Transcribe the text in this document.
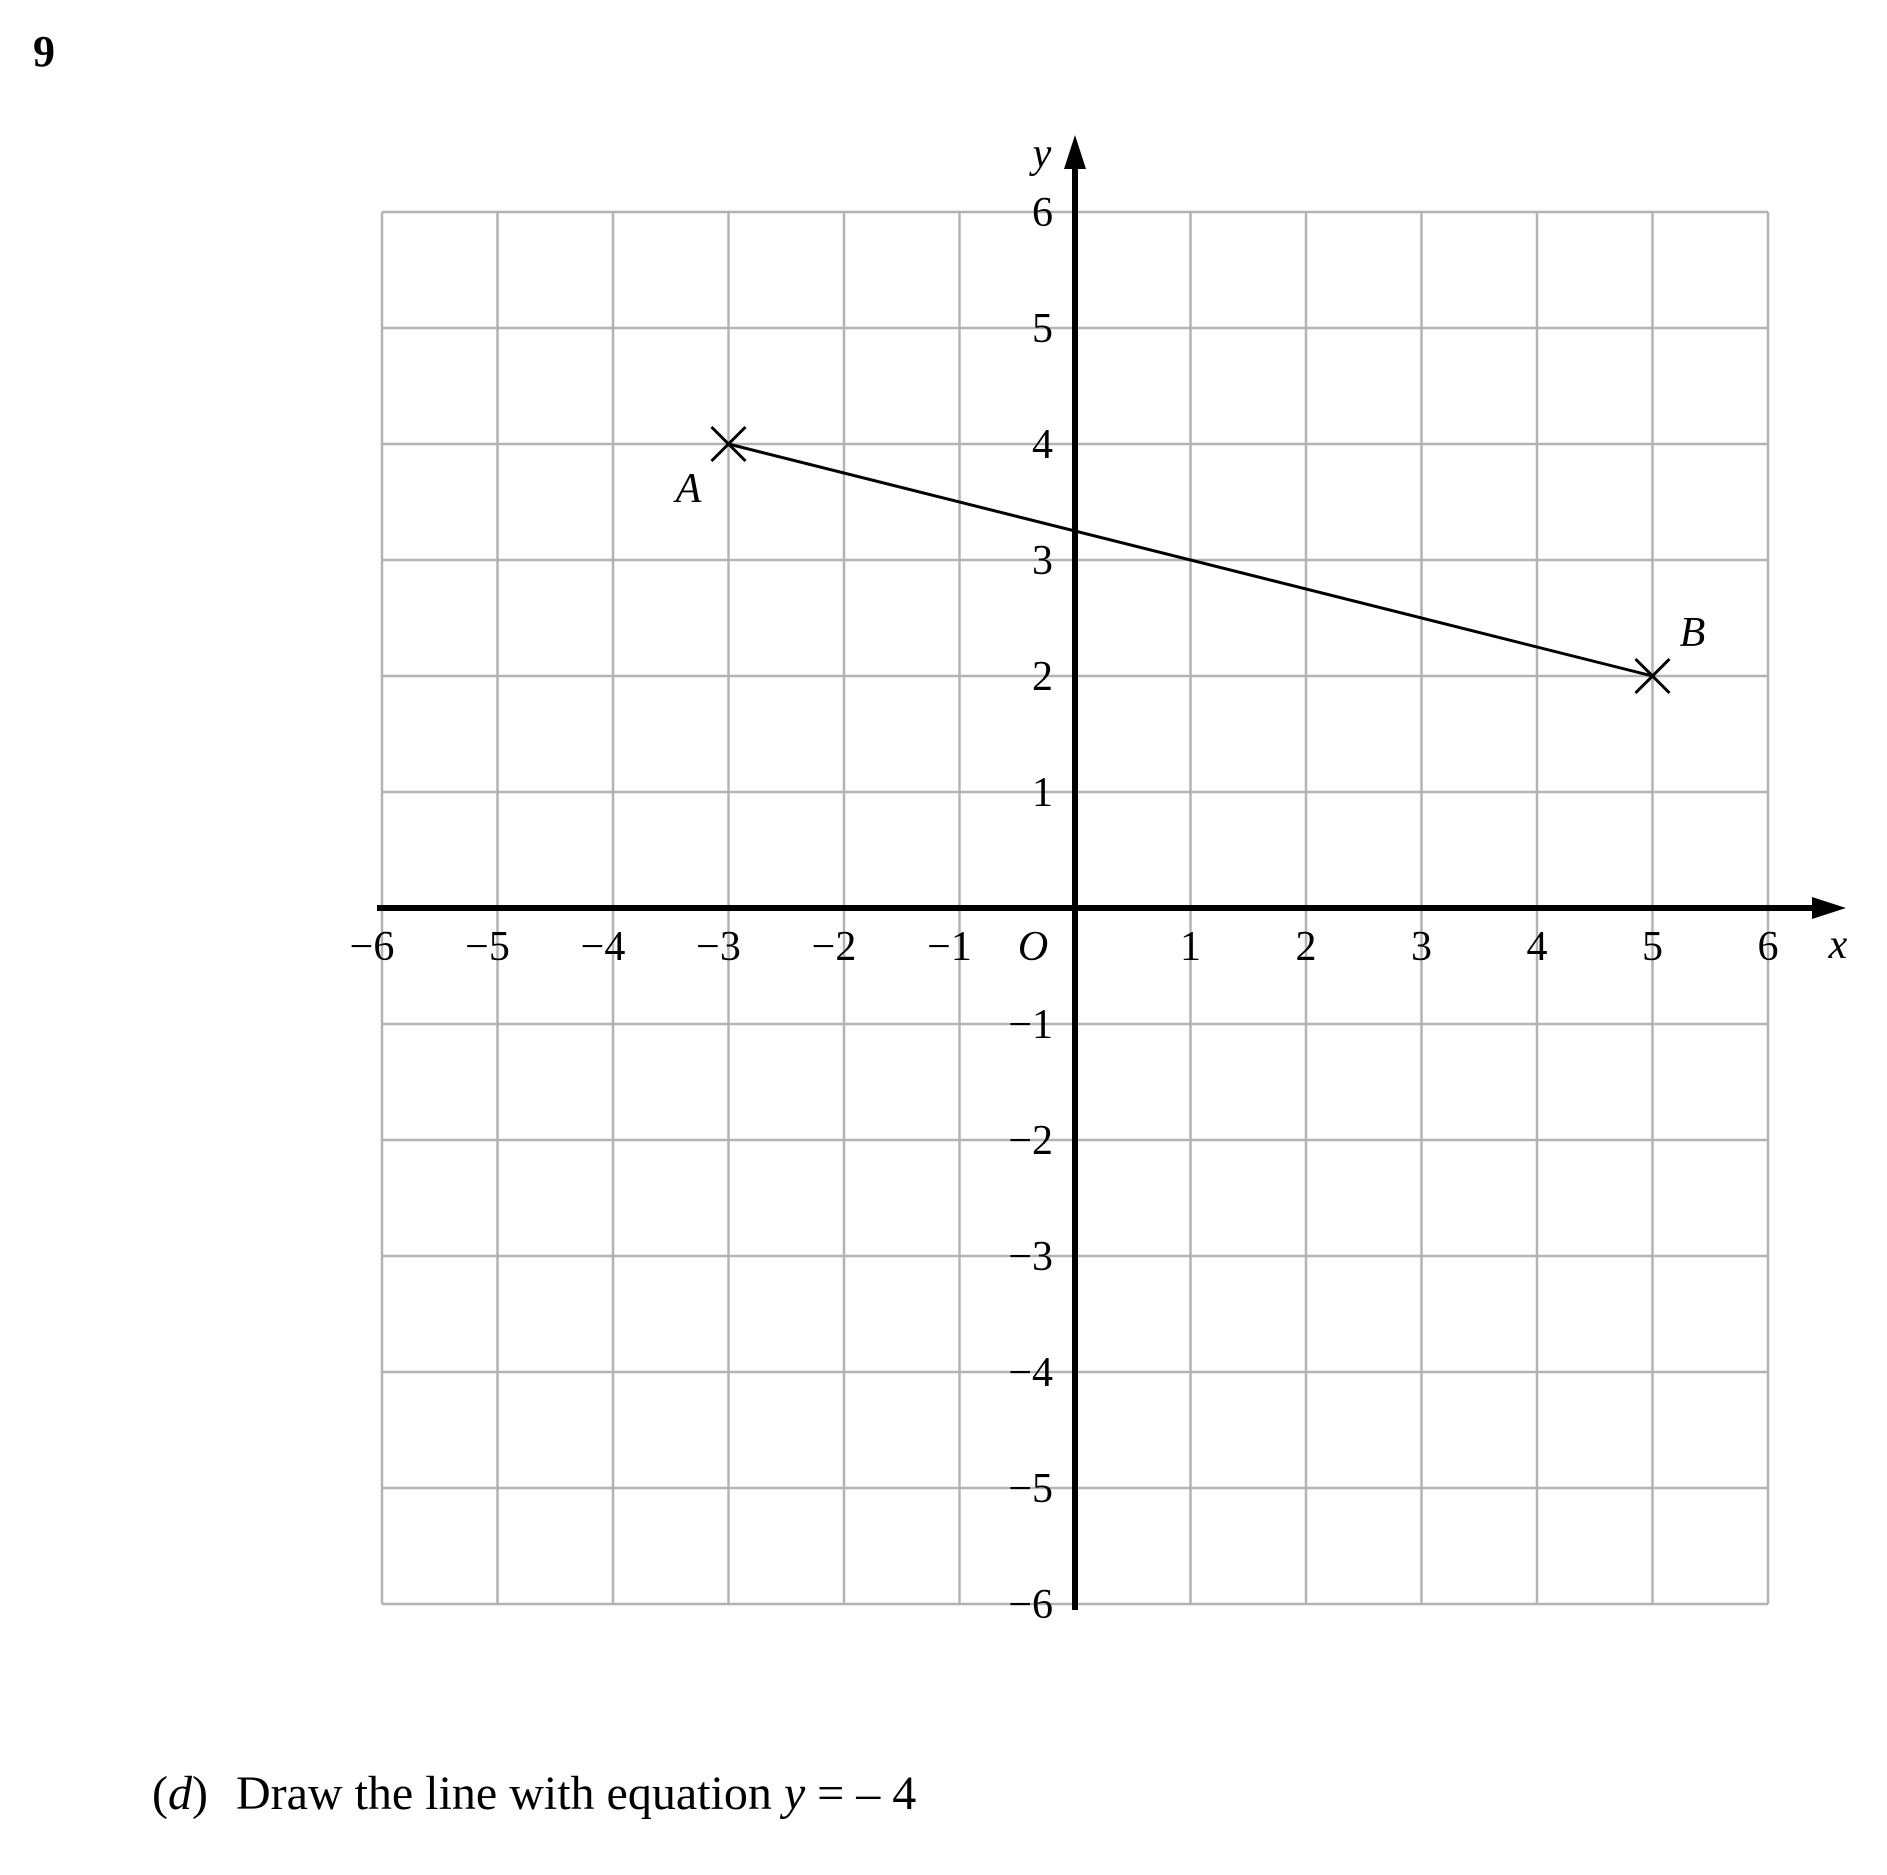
9
−6 −5 −4 −3 −2 −1	1 2 3 4 5 6
6
5
4
3
2
1
−1
−2
−3
−4
−5
−6
O	x
y
A
B
(d) Draw the line with equation y = – 4
